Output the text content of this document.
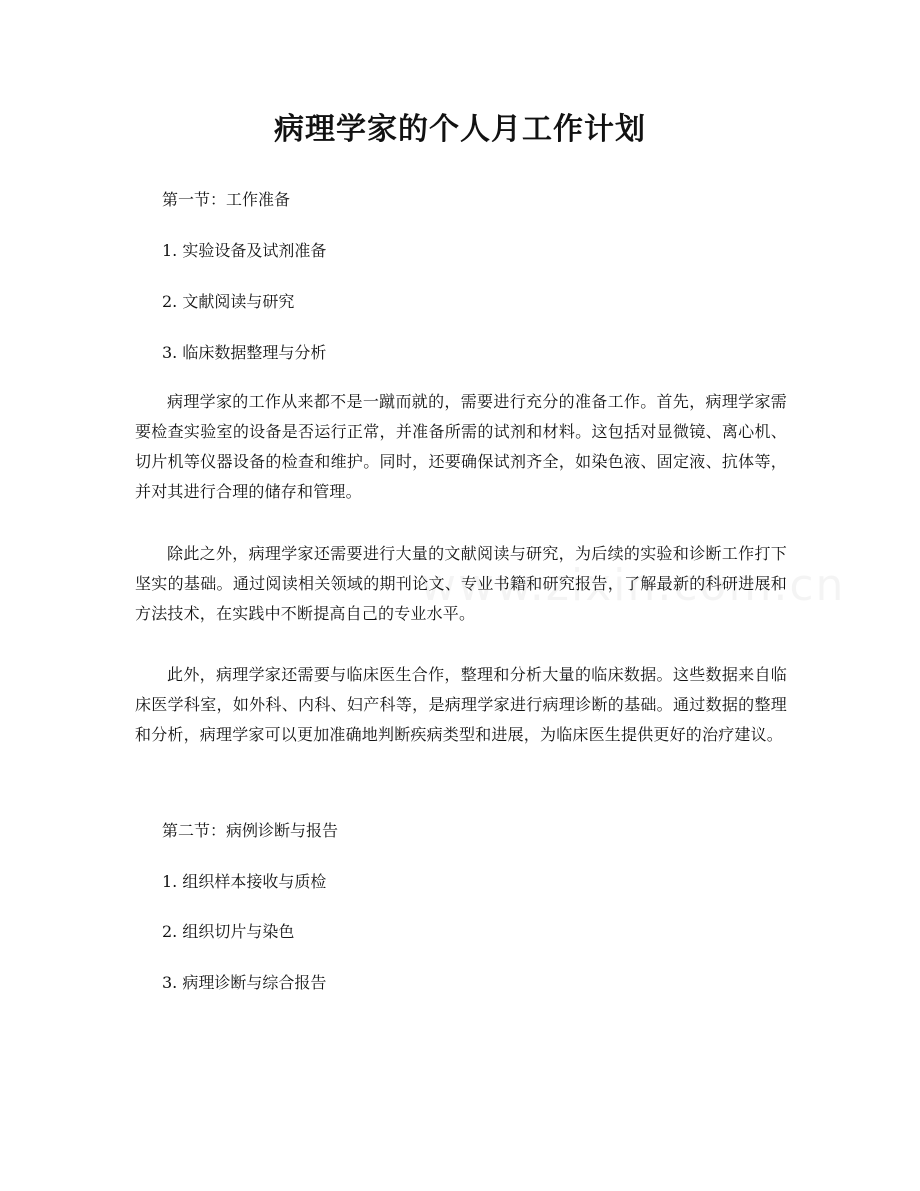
病理学家的个人月工作计划
第一节：工作准备
1. 实验设备及试剂准备
2. 文献阅读与研究
3. 临床数据整理与分析
病理学家的工作从来都不是一蹴而就的，需要进行充分的准备工作。首先，病理学家需要检查实验室的设备是否运行正常，并准备所需的试剂和材料。这包括对显微镜、离心机、切片机等仪器设备的检查和维护。同时，还要确保试剂齐全，如染色液、固定液、抗体等，并对其进行合理的储存和管理。
除此之外，病理学家还需要进行大量的文献阅读与研究，为后续的实验和诊断工作打下坚实的基础。通过阅读相关领域的期刊论文、专业书籍和研究报告，了解最新的科研进展和方法技术，在实践中不断提高自己的专业水平。
此外，病理学家还需要与临床医生合作，整理和分析大量的临床数据。这些数据来自临床医学科室，如外科、内科、妇产科等，是病理学家进行病理诊断的基础。通过数据的整理和分析，病理学家可以更加准确地判断疾病类型和进展，为临床医生提供更好的治疗建议。
第二节：病例诊断与报告
1. 组织样本接收与质检
2. 组织切片与染色
3. 病理诊断与综合报告
